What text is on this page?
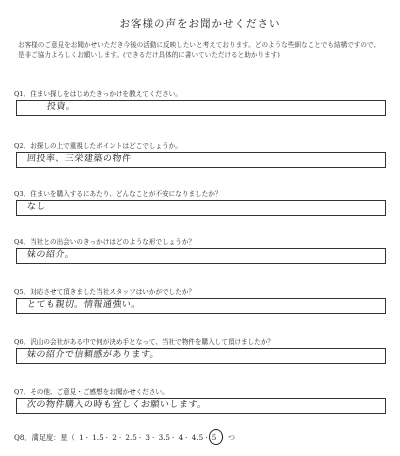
お客様の声をお聞かせください
お客様のご意見をお聞かせいただき今後の活動に反映したいと考えております。どのような些細なことでも結構ですので、是非ご協力よろしくお願いします。(できるだけ具体的に書いていただけると助かります)
Q1．住まい探しをはじめたきっかけを教えてください。
投資。
Q2．お探しの上で重視したポイントはどこでしょうか。
回投率、三栄建築の物件
Q3．住まいを購入するにあたり、どんなことが不安になりましたか？
なし
Q4．当社との出会いのきっかけはどのような形でしょうか？
妹の紹介。
Q5．対応させて頂きました当社スタッフはいかがでしたか？
とても親切。情報通強い。
Q6．沢山の会社がある中で何が決め手となって、当社で物件を購入して頂けましたか？
妹の紹介で信頼感があります。
Q7．その他、ご意見・ご感想をお聞かせください。
次の物件購入の時も宜しくお願いします。
Q8．満足度：星（ 1 · 1.5 · 2 · 2.5 · 3 · 3.5 · 4 · 4.5 · 5 ）つ
